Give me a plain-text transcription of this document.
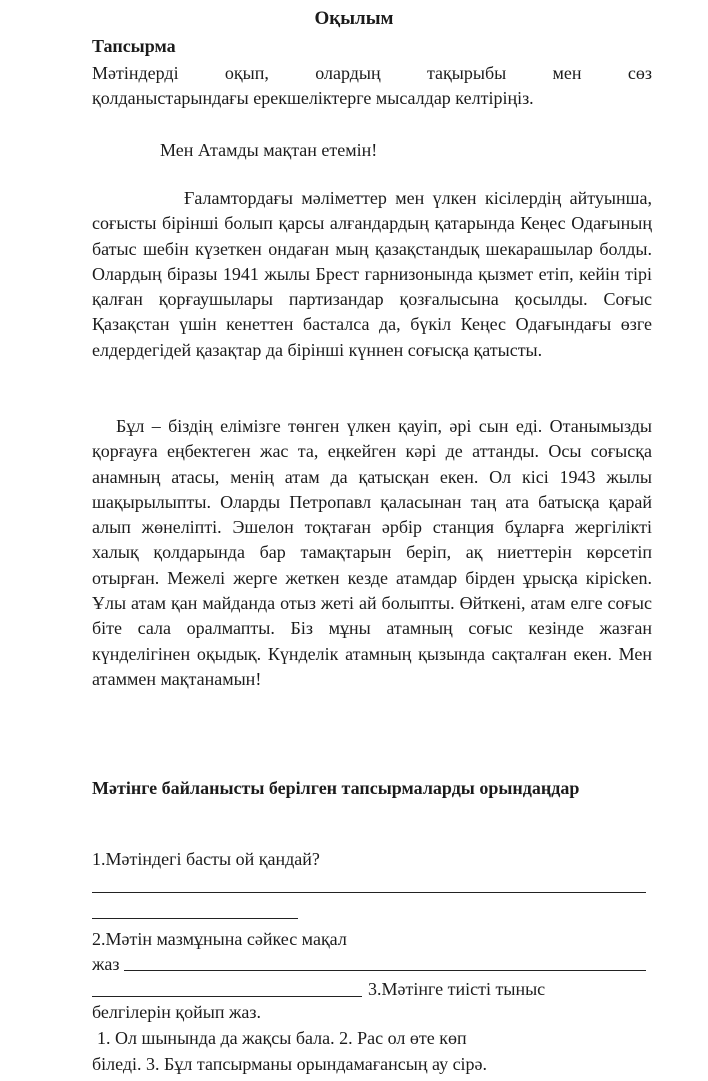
Оқылым
Тапсырма
Мәтіндерді оқып, олардың тақырыбы мен сөз
қолданыстарындағы ерекшеліктерге мысалдар келтіріңіз.
Мен Атамды мақтан етемін!
Ғаламтордағы мәліметтер мен үлкен кісілердің айтуынша, соғысты бірінші болып қарсы алғандардың қатарында Кеңес Одағының батыс шебін күзеткен ондаған мың қазақстандық шекарашылар болды. Олардың біразы 1941 жылы Брест гарнизонында қызмет етіп, кейін тірі қалған қорғаушылары партизандар қозғалысына қосылды. Соғыс Қазақстан үшін кенеттен басталса да, бүкіл Кеңес Одағындағы өзге елдердегідей қазақтар да бірінші күннен соғысқа қатысты.
Бұл – біздің елімізге төнген үлкен қауіп, әрі сын еді. Отанымызды қорғауға еңбектеген жас та, еңкейген кәрі де аттанды. Осы соғысқа анамның атасы, менің атам да қатысқан екен. Ол кісі 1943 жылы шақырылыпты. Оларды Петропавл қаласынан таң ата батысқа қарай алып жөнеліпті. Эшелон тоқтаған әрбір станция бұларға жергілікті халық қолдарында бар тамақтарын беріп, ақ ниеттерін көрсетіп отырған. Межелі жерге жеткен кезде атамдар бірден ұрысқа кірісken. Ұлы атам қан майданда отыз жеті ай болыпты. Өйткені, атам елге соғыс біте сала оралмапты. Біз мұны атамның соғыс кезінде жазған күнделігінен оқыдық. Күнделік атамның қызында сақталған екен. Мен атаммен мақтанамын!
Мәтінге байланысты берілген тапсырмаларды орындаңдар
1.Мәтіндегі басты ой қандай?
2.Мәтін мазмұнына сәйкес мақал
жаз
3.Мәтінге тиісті тыныс
белгілерін қойып жаз.
1. Ол шынында да жақсы бала. 2. Рас ол өте көп
біледі. 3. Бұл тапсырманы орындамағансың ау сірә.
